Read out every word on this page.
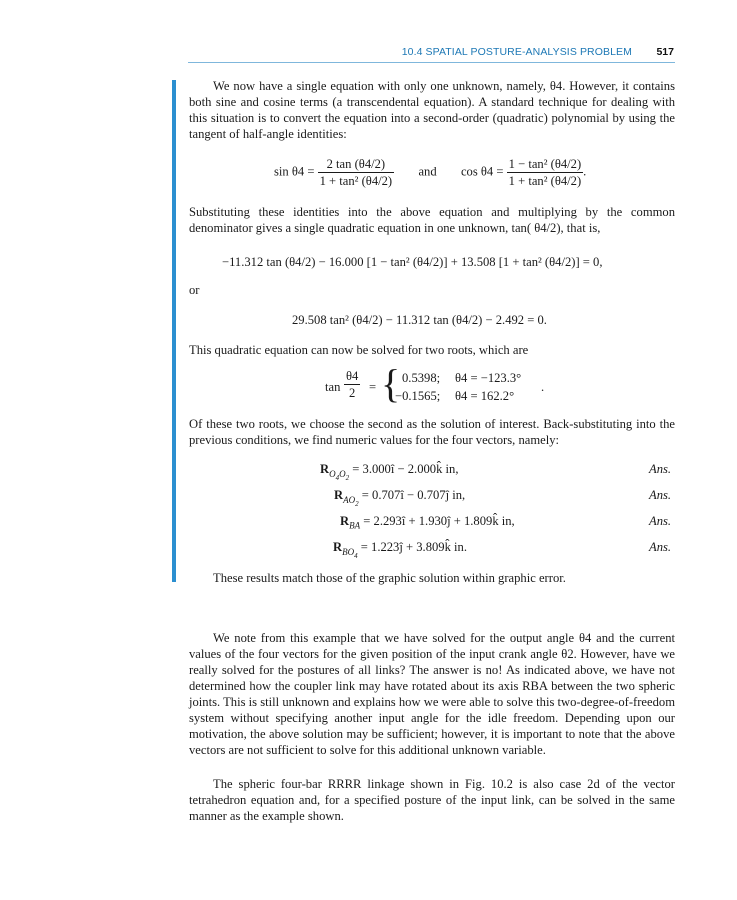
10.4 SPATIAL POSTURE-ANALYSIS PROBLEM 517
We now have a single equation with only one unknown, namely, θ4. However, it contains both sine and cosine terms (a transcendental equation). A standard technique for dealing with this situation is to convert the equation into a second-order (quadratic) polynomial by using the tangent of half-angle identities:
$\sin \theta 4 = \frac{2 \tan (\theta 4/2)}{\text{1 + tan² (θ4/2)}}$ and $\cos \theta 4 = \frac{\text{1 − tan² (θ4/2)}}{\text{1 + tan² (θ4/2)}}$ .
Substituting these identities into the above equation and multiplying by the common denominator gives a single quadratic equation in one unknown, tan( θ4/2), that is,
−11.312 tan (θ4/2) − 16.000 [1 − tan² (θ4/2)] + 13.508 [1 + tan² (θ4/2)] = 0,
or
29.508 tan² (θ4/2) − 11.312 tan (θ4/2) − 2.492 = 0.
This quadratic equation can now be solved for two roots, which are
$\tan \frac{\theta 4}{2}$ = { 0.5398; θ4 = −123.3°
−0.1565; θ4 = 162.2°
.
Of these two roots, we choose the second as the solution of interest. Back-substituting into the previous conditions, we find numeric values for the four vectors, namely:
$R_{O_4O_2}$ = 3.000î − 2.000k̂ in,	Ans.
$R_{AO_2}$ = 0.707î − 0.707ĵ in,	Ans.
$R_{BA}$ = 2.293î + 1.930ĵ + 1.809k̂ in,	Ans.
$R_{BO_4}$ = 1.223ĵ + 3.809k̂ in.	Ans.
These results match those of the graphic solution within graphic error.
We note from this example that we have solved for the output angle θ4 and the current values of the four vectors for the given position of the input crank angle θ2. However, have we really solved for the postures of all links? The answer is no! As indicated above, we have not determined how the coupler link may have rotated about its axis RBA between the two spheric joints. This is still unknown and explains how we were able to solve this two-degree-of-freedom system without specifying another input angle for the idle freedom. Depending upon our motivation, the above solution may be sufficient; however, it is important to note that the above vectors are not sufficient to solve for this additional unknown variable.
The spheric four-bar RRRR linkage shown in Fig. 10.2 is also case 2d of the vector tetrahedron equation and, for a specified posture of the input link, can be solved in the same manner as the example shown.
